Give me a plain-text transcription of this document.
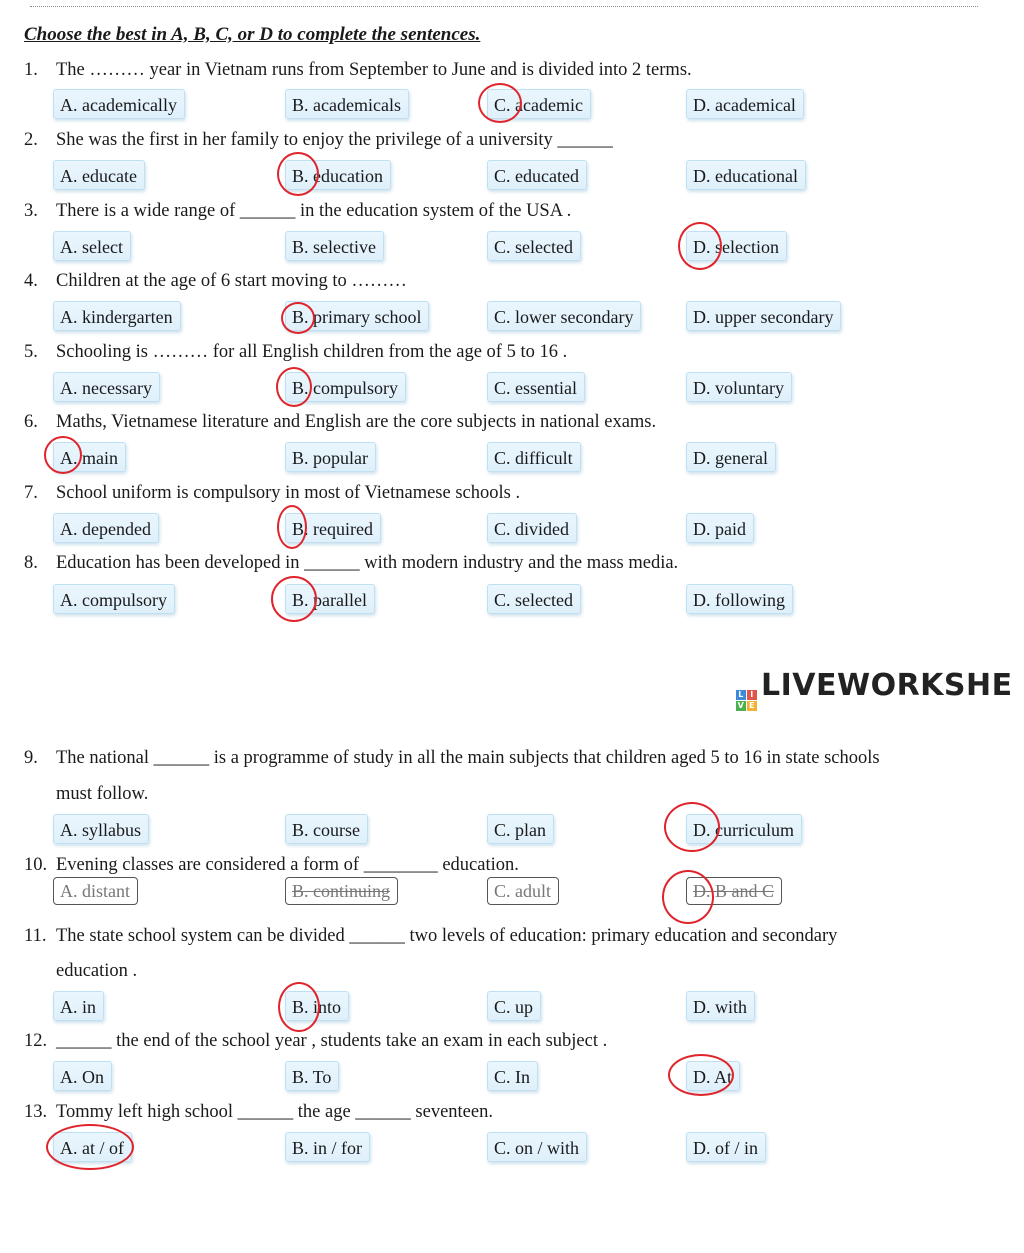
Choose the best in A, B, C, or D to complete the sentences.
1. The ……… year in Vietnam runs from September to June and is divided into 2 terms.
A. academically	B. academicals	C. academic	D. academical
2. She was the first in her family to enjoy the privilege of a university ______
A. educate	B. education	C. educated	D. educational
3. There is a wide range of ______ in the education system of the USA .
A. select	B. selective	C. selected	D. selection
4. Children at the age of 6 start moving to ………
A. kindergarten	B. primary school	C. lower secondary	D. upper secondary
5. Schooling is ……… for all English children from the age of 5 to 16 .
A. necessary	B. compulsory	C. essential	D. voluntary
6. Maths, Vietnamese literature and English are the core subjects in national exams.
A. main	B. popular	C. difficult	D. general
7. School uniform is compulsory in most of Vietnamese schools .
A. depended	B. required	C. divided	D. paid
8. Education has been developed in ______ with modern industry and the mass media.
A. compulsory	B. parallel	C. selected	D. following
L I
V E
LIVEWORKSHE
9. The national ______ is a programme of study in all the main subjects that children aged 5 to 16 in state schools
must follow.
A. syllabus	B. course	C. plan	D. curriculum
10. Evening classes are considered a form of ________ education.
A. distant	B. continuing	C. adult	D. B and C
11. The state school system can be divided ______ two levels of education: primary education and secondary
education .
A. in	B. into	C. up	D. with
12. ______ the end of the school year , students take an exam in each subject .
A. On	B. To	C. In	D. At
13. Tommy left high school ______ the age ______ seventeen.
A. at / of	B. in / for	C. on / with	D. of / in
